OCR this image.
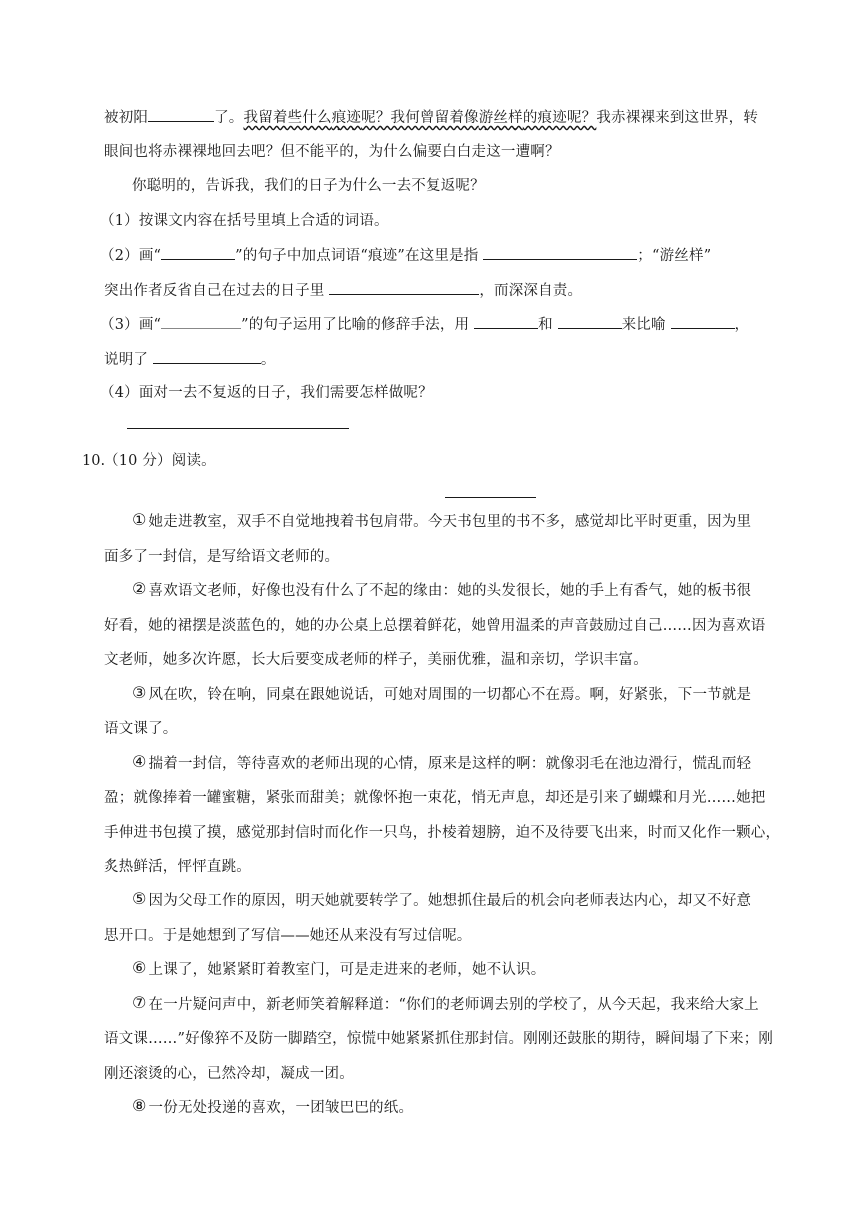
被初阳	了。我留着些什么痕迹呢？我何曾留着像游丝样的痕迹呢？我赤裸裸来到这世界，转
眼间也将赤裸裸地回去吧？但不能平的，为什么偏要白白走这一遭啊？
你聪明的，告诉我，我们的日子为什么一去不复返呢？
（1）按课文内容在括号里填上合适的词语。
（2）画“	”的句子中加点词语“痕迹”在这里是指	；“游丝样”
突出作者反省自己在过去的日子里	，而深深自责。
（3）画“	”的句子运用了比喻的修辞手法，用	和	来比喻	，
说明了	。
（4）面对一去不复返的日子，我们需要怎样做呢？
10.
（10 分）阅读。
① 她走进教室，双手不自觉地拽着书包肩带。今天书包里的书不多，感觉却比平时更重，因为里
面多了一封信，是写给语文老师的。
② 喜欢语文老师，好像也没有什么了不起的缘由：她的头发很长，她的手上有香气，她的板书很
好看，她的裙摆是淡蓝色的，她的办公桌上总摆着鲜花，她曾用温柔的声音鼓励过自己……因为喜欢语
文老师，她多次许愿，长大后要变成老师的样子，美丽优雅，温和亲切，学识丰富。
③ 风在吹，铃在响，同桌在跟她说话，可她对周围的一切都心不在焉。啊，好紧张，下一节就是
语文课了。
④ 揣着一封信，等待喜欢的老师出现的心情，原来是这样的啊：就像羽毛在池边滑行，慌乱而轻
盈；就像捧着一罐蜜糖，紧张而甜美；就像怀抱一束花，悄无声息，却还是引来了蝴蝶和月光……她把
手伸进书包摸了摸，感觉那封信时而化作一只鸟，扑棱着翅膀，迫不及待要飞出来，时而又化作一颗心，
炙热鲜活，怦怦直跳。
⑤ 因为父母工作的原因，明天她就要转学了。她想抓住最后的机会向老师表达内心，却又不好意
思开口。于是她想到了写信——她还从来没有写过信呢。
⑥ 上课了，她紧紧盯着教室门，可是走进来的老师，她不认识。
⑦ 在一片疑问声中，新老师笑着解释道：“你们的老师调去别的学校了，从今天起，我来给大家上
语文课……”好像猝不及防一脚踏空，惊慌中她紧紧抓住那封信。刚刚还鼓胀的期待，瞬间塌了下来；刚
刚还滚烫的心，已然冷却，凝成一团。
⑧ 一份无处投递的喜欢，一团皱巴巴的纸。
